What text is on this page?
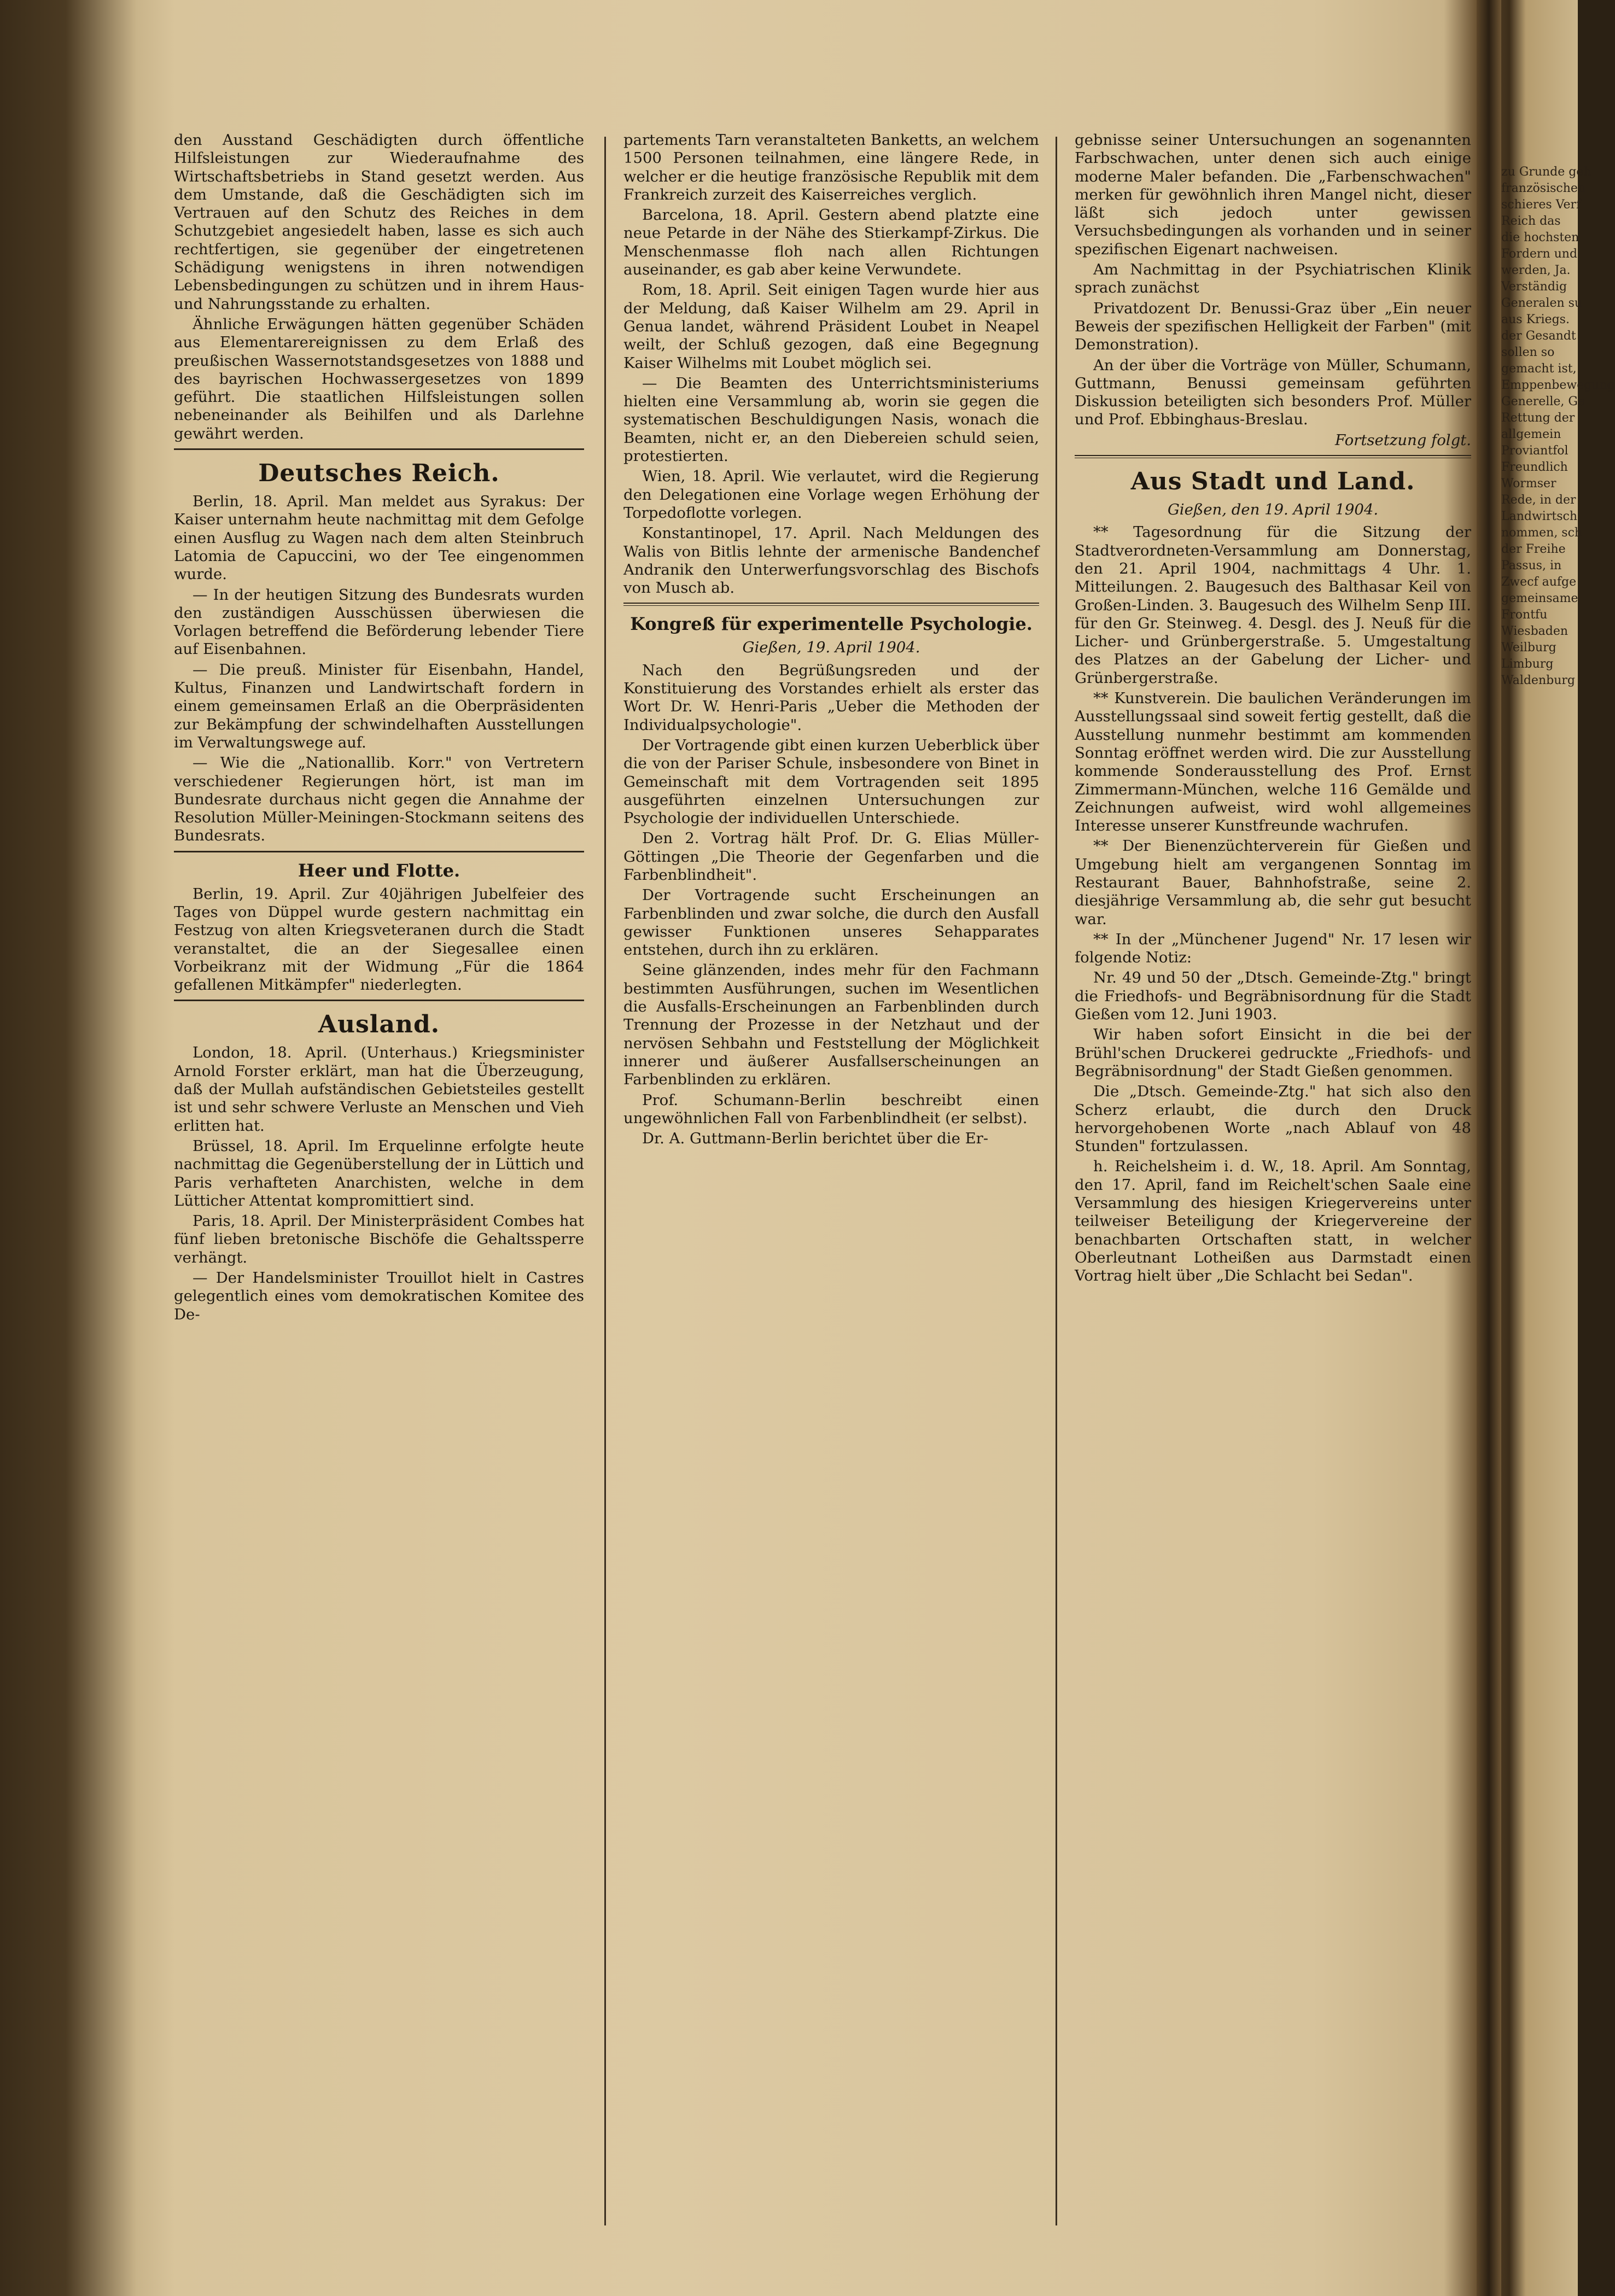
den Ausstand Geschädigten durch öffentliche Hilfsleistungen zur Wiederaufnahme des Wirtschaftsbetriebs in Stand gesetzt werden. Aus dem Umstande, daß die Geschädigten sich im Vertrauen auf den Schutz des Reiches in dem Schutzgebiet angesiedelt haben, lasse es sich auch rechtfertigen, sie gegenüber der eingetretenen Schädigung wenigstens in ihren notwendigen Lebensbedingungen zu schützen und in ihrem Haus- und Nahrungsstande zu erhalten.

Ähnliche Erwägungen hätten gegenüber Schäden aus Elementarereignissen zu dem Erlaß des preußischen Wassernotstandsgesetzes von 1888 und des bayrischen Hochwassergesetzes von 1899 geführt. Die staatlichen Hilfsleistungen sollen nebeneinander als Beihilfen und als Darlehne gewährt werden.

Deutsches Reich.

Berlin, 18. April. Man meldet aus Syrakus: Der Kaiser unternahm heute nachmittag mit dem Gefolge einen Ausflug zu Wagen nach dem alten Steinbruch Latomia de Capuccini, wo der Tee eingenommen wurde.

— In der heutigen Sitzung des Bundesrats wurden den zuständigen Ausschüssen überwiesen die Vorlagen betreffend die Beförderung lebender Tiere auf Eisenbahnen.

— Die preuß. Minister für Eisenbahn, Handel, Kultus, Finanzen und Landwirtschaft fordern in einem gemeinsamen Erlaß an die Oberpräsidenten zur Bekämpfung der schwindelhaften Ausstellungen im Verwaltungswege auf.

— Wie die „Nationallib. Korr." von Vertretern verschiedener Regierungen hört, ist man im Bundesrate durchaus nicht gegen die Annahme der Resolution Müller-Meiningen-Stockmann seitens des Bundesrats.

Heer und Flotte.

Berlin, 19. April. Zur 40jährigen Jubelfeier des Tages von Düppel wurde gestern nachmittag ein Festzug von alten Kriegsveteranen durch die Stadt veranstaltet, die an der Siegesallee einen Vorbeikranz mit der Widmung „Für die 1864 gefallenen Mitkämpfer" niederlegten.

Ausland.

London, 18. April. (Unterhaus.) Kriegsminister Arnold Forster erklärt, man hat die Überzeugung, daß der Mullah aufständischen Gebietsteiles gestellt ist und sehr schwere Verluste an Menschen und Vieh erlitten hat.

Brüssel, 18. April. Im Erquelinne erfolgte heute nachmittag die Gegenüberstellung der in Lüttich und Paris verhafteten Anarchisten, welche in dem Lütticher Attentat kompromittiert sind.

Paris, 18. April. Der Ministerpräsident Combes hat fünf lieben bretonische Bischöfe die Gehaltssperre verhängt.

— Der Handelsminister Trouillot hielt in Castres gelegentlich eines vom demokratischen Komitee des De-

partements Tarn veranstalteten Banketts, an welchem 1500 Personen teilnahmen, eine längere Rede, in welcher er die heutige französische Republik mit dem Frankreich zurzeit des Kaiserreiches verglich.

Barcelona, 18. April. Gestern abend platzte eine neue Petarde in der Nähe des Stierkampf-Zirkus. Die Menschenmasse floh nach allen Richtungen auseinander, es gab aber keine Verwundete.

Rom, 18. April. Seit einigen Tagen wurde hier aus der Meldung, daß Kaiser Wilhelm am 29. April in Genua landet, während Präsident Loubet in Neapel weilt, der Schluß gezogen, daß eine Begegnung Kaiser Wilhelms mit Loubet möglich sei.

— Die Beamten des Unterrichtsministeriums hielten eine Versammlung ab, worin sie gegen die systematischen Beschuldigungen Nasis, wonach die Beamten, nicht er, an den Diebereien schuld seien, protestierten.

Wien, 18. April. Wie verlautet, wird die Regierung den Delegationen eine Vorlage wegen Erhöhung der Torpedoflotte vorlegen.

Konstantinopel, 17. April. Nach Meldungen des Walis von Bitlis lehnte der armenische Bandenchef Andranik den Unterwerfungsvorschlag des Bischofs von Musch ab.

Kongreß für experimentelle Psychologie.
Gießen, 19. April 1904.

Nach den Begrüßungsreden und der Konstituierung des Vorstandes erhielt als erster das Wort Dr. W. Henri-Paris „Ueber die Methoden der Individualpsychologie".

Der Vortragende gibt einen kurzen Ueberblick über die von der Pariser Schule, insbesondere von Binet in Gemeinschaft mit dem Vortragenden seit 1895 ausgeführten einzelnen Untersuchungen zur Psychologie der individuellen Unterschiede.

Den 2. Vortrag hält Prof. Dr. G. Elias Müller-Göttingen „Die Theorie der Gegenfarben und die Farbenblindheit".

Der Vortragende sucht Erscheinungen an Farbenblinden und zwar solche, die durch den Ausfall gewisser Funktionen unseres Sehapparates entstehen, durch ihn zu erklären.

Seine glänzenden, indes mehr für den Fachmann bestimmten Ausführungen, suchen im Wesentlichen die Ausfalls-Erscheinungen an Farbenblinden durch Trennung der Prozesse in der Netzhaut und der nervösen Sehbahn und Feststellung der Möglichkeit innerer und äußerer Ausfallserscheinungen an Farbenblinden zu erklären.

Prof. Schumann-Berlin beschreibt einen ungewöhnlichen Fall von Farbenblindheit (er selbst).

Dr. A. Guttmann-Berlin berichtet über die Er-

gebnisse seiner Untersuchungen an sogenannten Farbschwachen, unter denen sich auch einige moderne Maler befanden. Die „Farbenschwachen" merken für gewöhnlich ihren Mangel nicht, dieser läßt sich jedoch unter gewissen Versuchsbedingungen als vorhanden und in seiner spezifischen Eigenart nachweisen.

Am Nachmittag in der Psychiatrischen Klinik sprach zunächst

Privatdozent Dr. Benussi-Graz über „Ein neuer Beweis der spezifischen Helligkeit der Farben" (mit Demonstration).

An der über die Vorträge von Müller, Schumann, Guttmann, Benussi gemeinsam geführten Diskussion beteiligten sich besonders Prof. Müller und Prof. Ebbinghaus-Breslau.

Fortsetzung folgt.
Aus Stadt und Land.
Gießen, den 19. April 1904.

** Tagesordnung für die Sitzung der Stadtverordneten-Versammlung am Donnerstag, den 21. April 1904, nachmittags 4 Uhr. 1. Mitteilungen. 2. Baugesuch des Balthasar Keil von Großen-Linden. 3. Baugesuch des Wilhelm Senp III. für den Gr. Steinweg. 4. Desgl. des J. Neuß für die Licher- und Grünbergerstraße. 5. Umgestaltung des Platzes an der Gabelung der Licher- und Grünbergerstraße.

** Kunstverein. Die baulichen Veränderungen im Ausstellungssaal sind soweit fertig gestellt, daß die Ausstellung nunmehr bestimmt am kommenden Sonntag eröffnet werden wird. Die zur Ausstellung kommende Sonderausstellung des Prof. Ernst Zimmermann-München, welche 116 Gemälde und Zeichnungen aufweist, wird wohl allgemeines Interesse unserer Kunstfreunde wachrufen.

** Der Bienenzüchterverein für Gießen und Umgebung hielt am vergangenen Sonntag im Restaurant Bauer, Bahnhofstraße, seine 2. diesjährige Versammlung ab, die sehr gut besucht war.

** In der „Münchener Jugend" Nr. 17 lesen wir folgende Notiz:

Nr. 49 und 50 der „Dtsch. Gemeinde-Ztg." bringt die Friedhofs- und Begräbnisordnung für die Stadt Gießen vom 12. Juni 1903.

Wir haben sofort Einsicht in die bei der Brühl'schen Druckerei gedruckte „Friedhofs- und Begräbnisordnung" der Stadt Gießen genommen.

Die „Dtsch. Gemeinde-Ztg." hat sich also den Scherz erlaubt, die durch den Druck hervorgehobenen Worte „nach Ablauf von 48 Stunden" fortzulassen.

h. Reichelsheim i. d. W., 18. April. Am Sonntag, den 17. April, fand im Reichelt'schen Saale eine Versammlung des hiesigen Kriegervereins unter teilweiser Beteiligung der Kriegervereine der benachbarten Ortschaften statt, in welcher Oberleutnant Lotheißen aus Darmstadt einen Vortrag hielt über „Die Schlacht bei Sedan".

zu Grunde geh
französischen
schieres Verf
Reich das
die hochsten
Fordern und
werden, Ja.
Verständig
Generalen su
aus Kriegs.
der Gesandt
sollen so
gemacht ist,
Emppenbewegung
Generelle, Ge
Rettung der
allgemein
Proviantfol
Freundlich
Wormser
Rede, in der
Landwirtsch
nommen, sch
der Freihe
Passus, in
Zwecf aufge
gemeinsame
Frontfu
Wiesbaden
Weilburg
Limburg
Waldenburg
